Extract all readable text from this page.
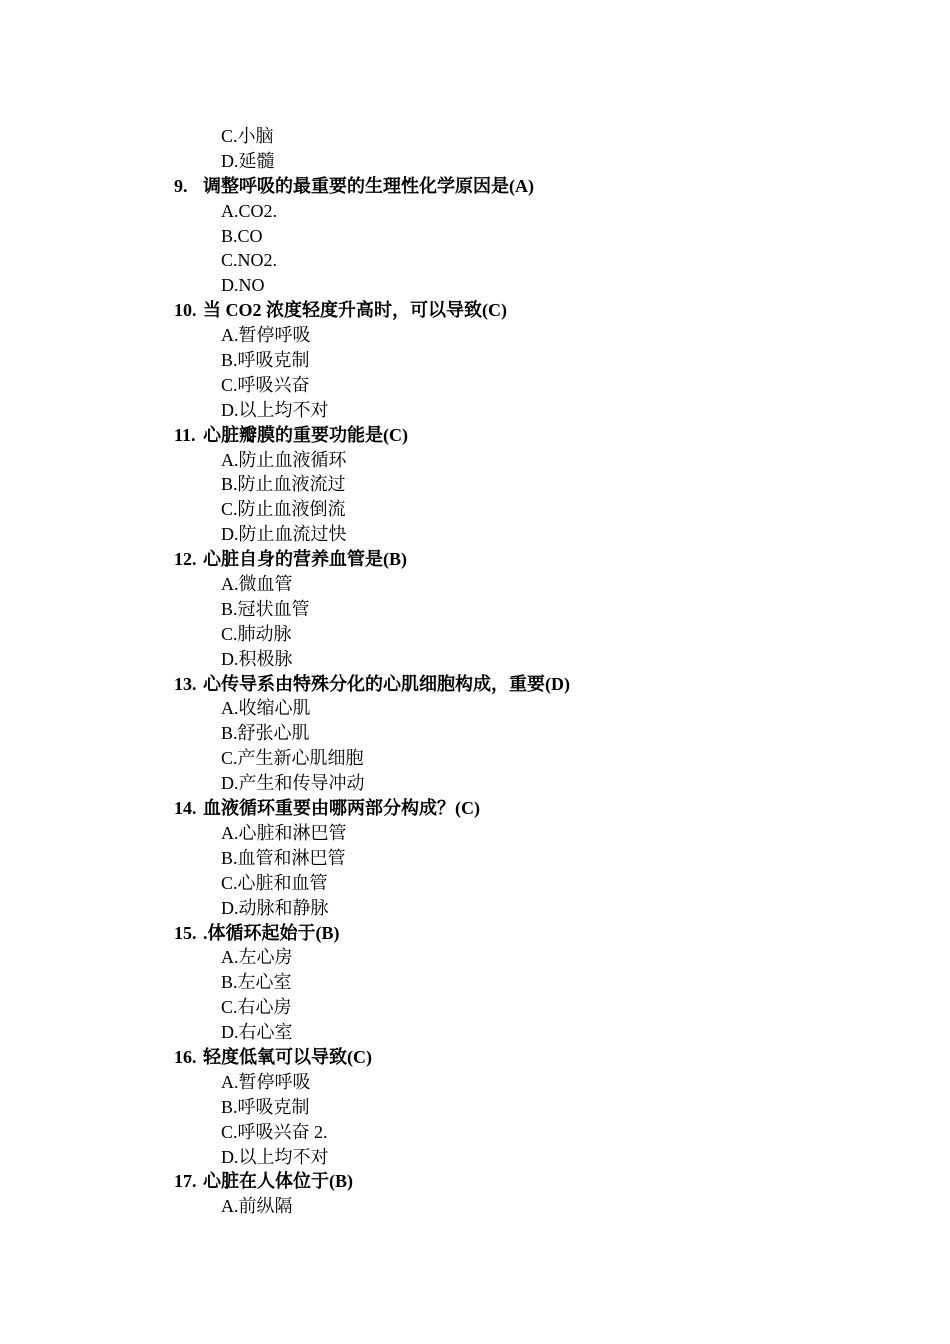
C.小脑
D.延髓
9. 调整呼吸的最重要的生理性化学原因是(A)
A.CO2.
B.CO
C.NO2.
D.NO
10. 当 CO2 浓度轻度升高时，可以导致(C)
A.暂停呼吸
B.呼吸克制
C.呼吸兴奋
D.以上均不对
11. 心脏瓣膜的重要功能是(C)
A.防止血液循环
B.防止血液流过
C.防止血液倒流
D.防止血流过快
12. 心脏自身的营养血管是(B)
A.微血管
B.冠状血管
C.肺动脉
D.积极脉
13. 心传导系由特殊分化的心肌细胞构成，重要(D)
A.收缩心肌
B.舒张心肌
C.产生新心肌细胞
D.产生和传导冲动
14. 血液循环重要由哪两部分构成？(C)
A.心脏和淋巴管
B.血管和淋巴管
C.心脏和血管
D.动脉和静脉
15. .体循环起始于(B)
A.左心房
B.左心室
C.右心房
D.右心室
16. 轻度低氧可以导致(C)
A.暂停呼吸
B.呼吸克制
C.呼吸兴奋 2.
D.以上均不对
17. 心脏在人体位于(B)
A.前纵隔
